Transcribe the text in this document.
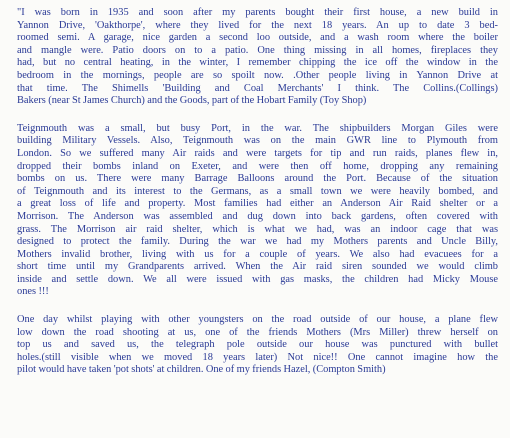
"I was born in 1935 and soon after my parents bought their first house, a new build in
Yannon Drive, 'Oakthorpe', where they lived for the next 18 years. An up to date 3 bed-
roomed semi. A garage, nice garden a second loo outside, and a wash room where the boiler
and mangle were. Patio doors on to a patio. One thing missing in all homes, fireplaces they
had, but no central heating, in the winter, I remember chipping the ice off the window in the
bedroom in the mornings, people are so spoilt now. .Other people living in Yannon Drive at
that time. The Shimells 'Building and Coal Merchants' I think. The Collins.(Collings)
Bakers (near St James Church) and the Goods, part of the Hobart Family (Toy Shop)

Teignmouth was a small, but busy Port, in the war. The shipbuilders Morgan Giles were
building Military Vessels. Also, Teignmouth was on the main GWR line to Plymouth from
London. So we suffered many Air raids and were targets for tip and run raids, planes flew in,
dropped their bombs inland on Exeter, and were then off home, dropping any remaining
bombs on us. There were many Barrage Balloons around the Port. Because of the situation
of Teignmouth and its interest to the Germans, as a small town we were heavily bombed, and
a great loss of life and property. Most families had either an Anderson Air Raid shelter or a
Morrison. The Anderson was assembled and dug down into back gardens, often covered with
grass. The Morrison air raid shelter, which is what we had, was an indoor cage that was
designed to protect the family. During the war we had my Mothers parents and Uncle Billy,
Mothers invalid brother, living with us for a couple of years. We also had evacuees for a
short time until my Grandparents arrived. When the Air raid siren sounded we would climb
inside and settle down. We all were issued with gas masks, the children had Micky Mouse
ones !!!

One day whilst playing with other youngsters on the road outside of our house, a plane flew
low down the road shooting at us, one of the friends Mothers (Mrs Miller) threw herself on
top us and saved us, the telegraph pole outside our house was punctured with bullet
holes.(still visible when we moved 18 years later) Not nice!! One cannot imagine how the
pilot would have taken 'pot shots' at children. One of my friends Hazel, (Compton Smith)
